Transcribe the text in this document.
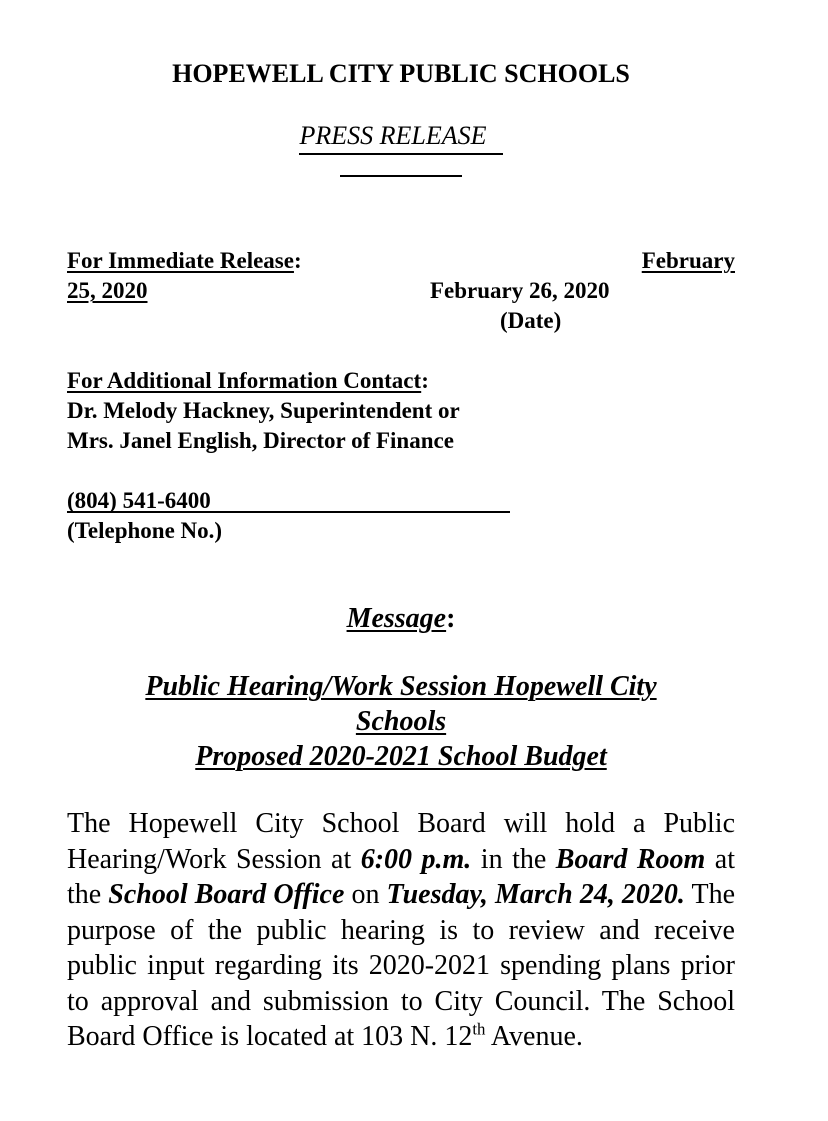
HOPEWELL CITY PUBLIC SCHOOLS
PRESS RELEASE
For Immediate Release:	February
25, 2020	February 26, 2020
(Date)
For Additional Information Contact:
Dr. Melody Hackney, Superintendent or
Mrs. Janel English, Director of Finance
(804) 541-6400
(Telephone No.)
Message:
Public Hearing/Work Session Hopewell City
Schools
Proposed 2020-2021 School Budget
The Hopewell City School Board will hold a Public Hearing/Work Session at 6:00 p.m. in the Board Room at the School Board Office on Tuesday, March 24, 2020. The purpose of the public hearing is to review and receive public input regarding its 2020-2021 spending plans prior to approval and submission to City Council. The School Board Office is located at 103 N. 12th Avenue.
